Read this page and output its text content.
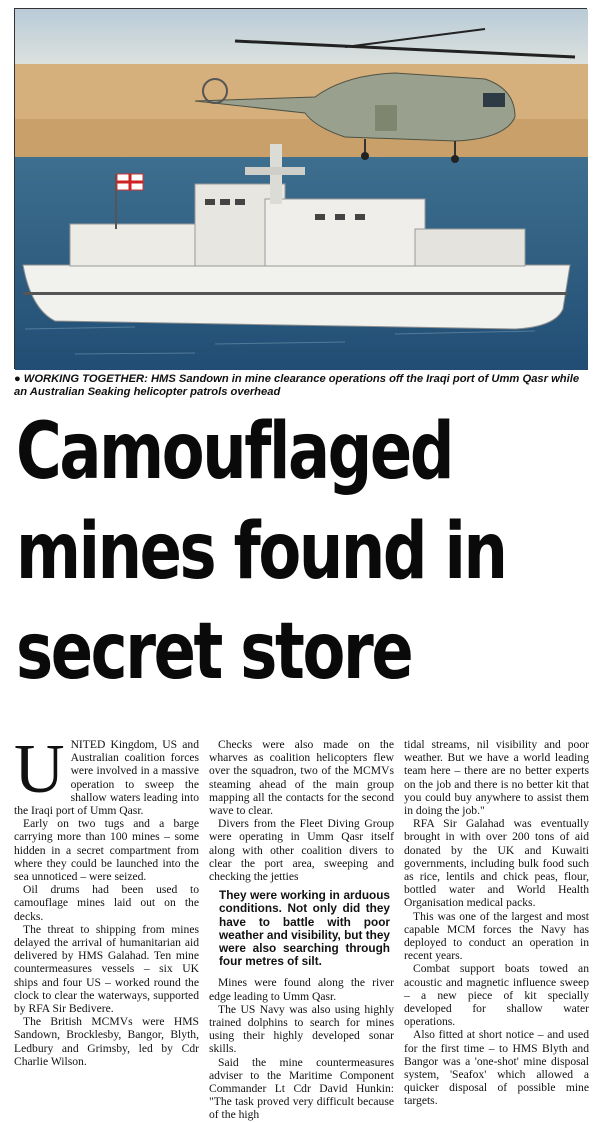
● WORKING TOGETHER: HMS Sandown in mine clearance operations off the Iraqi port of Umm Qasr while an Australian Seaking helicopter patrols overhead
Camouflaged
mines found in
secret store

UNITED Kingdom, US and Australian coalition forces were involved in a massive operation to sweep the shallow waters leading into the Iraqi port of Umm Qasr.

Early on two tugs and a barge carrying more than 100 mines – some hidden in a secret compartment from where they could be launched into the sea unnoticed – were seized.

Oil drums had been used to camouflage mines laid out on the decks.

The threat to shipping from mines delayed the arrival of humanitarian aid delivered by HMS Galahad. Ten mine countermeasures vessels – six UK ships and four US – worked round the clock to clear the waterways, supported by RFA Sir Bedivere.

The British MCMVs were HMS Sandown, Brocklesby, Bangor, Blyth, Ledbury and Grimsby, led by Cdr Charlie Wilson.

Checks were also made on the wharves as coalition helicopters flew over the squadron, two of the MCMVs steaming ahead of the main group mapping all the contacts for the second wave to clear.

Divers from the Fleet Diving Group were operating in Umm Qasr itself along with other coalition divers to clear the port area, sweeping and checking the jetties

They were working in arduous conditions. Not only did they have to battle with poor weather and visibility, but they were also searching through four metres of silt.

Mines were found along the river edge leading to Umm Qasr.

The US Navy was also using highly trained dolphins to search for mines using their highly developed sonar skills.

Said the mine countermeasures adviser to the Maritime Component Commander Lt Cdr David Hunkin: "The task proved very difficult because of the high

tidal streams, nil visibility and poor weather. But we have a world leading team here – there are no better experts on the job and there is no better kit that you could buy anywhere to assist them in doing the job."

RFA Sir Galahad was eventually brought in with over 200 tons of aid donated by the UK and Kuwaiti governments, including bulk food such as rice, lentils and chick peas, flour, bottled water and World Health Organisation medical packs.

This was one of the largest and most capable MCM forces the Navy has deployed to conduct an operation in recent years.

Combat support boats towed an acoustic and magnetic influence sweep – a new piece of kit specially developed for shallow water operations.

Also fitted at short notice – and used for the first time – to HMS Blyth and Bangor was a 'one-shot' mine disposal system, 'Seafox' which allowed a quicker disposal of possible mine targets.
